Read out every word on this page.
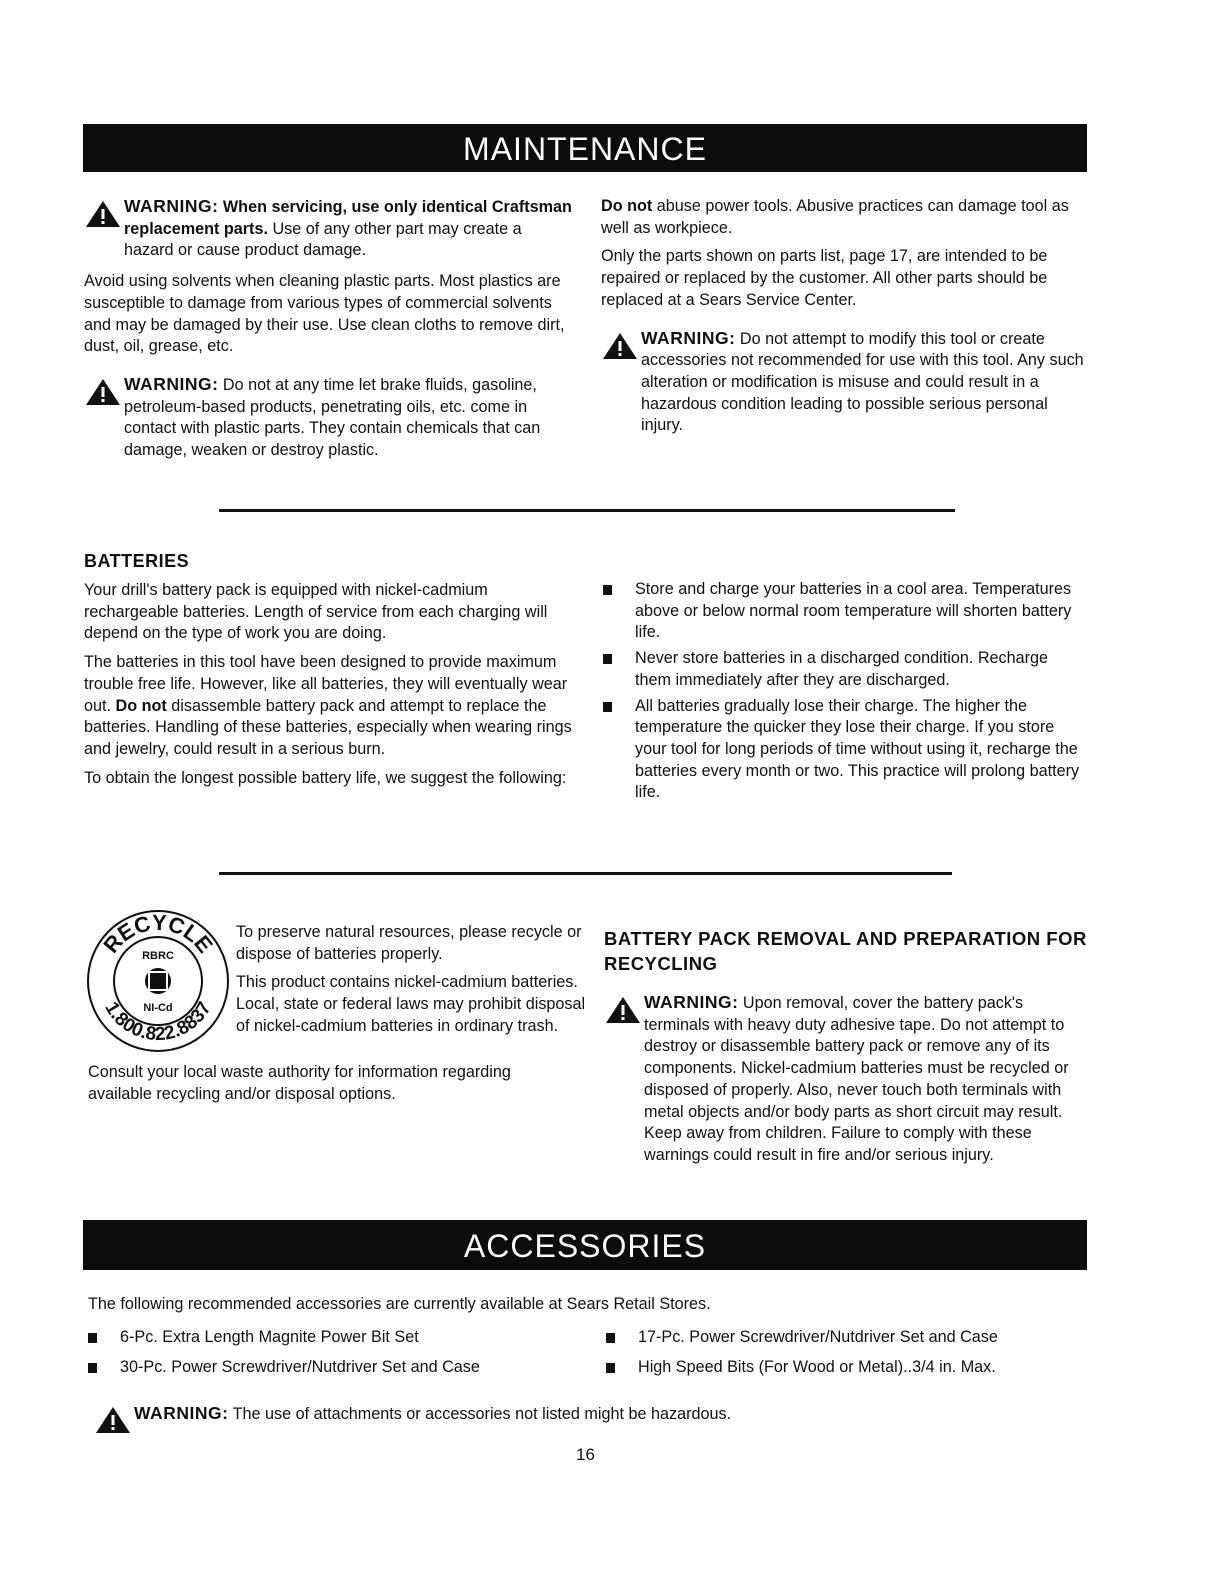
MAINTENANCE
WARNING: When servicing, use only identical Craftsman replacement parts. Use of any other part may create a hazard or cause product damage.

Avoid using solvents when cleaning plastic parts. Most plastics are susceptible to damage from various types of commercial solvents and may be damaged by their use. Use clean cloths to remove dirt, dust, oil, grease, etc.

WARNING: Do not at any time let brake fluids, gasoline, petroleum-based products, penetrating oils, etc. come in contact with plastic parts. They contain chemicals that can damage, weaken or destroy plastic.

Do not abuse power tools. Abusive practices can damage tool as well as workpiece.

Only the parts shown on parts list, page 17, are intended to be repaired or replaced by the customer. All other parts should be replaced at a Sears Service Center.

WARNING: Do not attempt to modify this tool or create accessories not recommended for use with this tool. Any such alteration or modification is misuse and could result in a hazardous condition leading to possible serious personal injury.
BATTERIES

Your drill's battery pack is equipped with nickel-cadmium rechargeable batteries. Length of service from each charging will depend on the type of work you are doing.

The batteries in this tool have been designed to provide maximum trouble free life. However, like all batteries, they will eventually wear out. Do not disassemble battery pack and attempt to replace the batteries. Handling of these batteries, especially when wearing rings and jewelry, could result in a serious burn.

To obtain the longest possible battery life, we suggest the following:

Store and charge your batteries in a cool area. Temperatures above or below normal room temperature will shorten battery life.
Never store batteries in a discharged condition. Recharge them immediately after they are discharged.
All batteries gradually lose their charge. The higher the temperature the quicker they lose their charge. If you store your tool for long periods of time without using it, recharge the batteries every month or two. This practice will prolong battery life.
RECYCLE
1.800.822.8837
RBRC
NI-Cd

To preserve natural resources, please recycle or dispose of batteries properly.

This product contains nickel-cadmium batteries. Local, state or federal laws may prohibit disposal of nickel-cadmium batteries in ordinary trash.

Consult your local waste authority for information regarding available recycling and/or disposal options.

BATTERY PACK REMOVAL AND PREPARATION FOR RECYCLING
WARNING: Upon removal, cover the battery pack's terminals with heavy duty adhesive tape. Do not attempt to destroy or disassemble battery pack or remove any of its components. Nickel-cadmium batteries must be recycled or disposed of properly. Also, never touch both terminals with metal objects and/or body parts as short circuit may result. Keep away from children. Failure to comply with these warnings could result in fire and/or serious injury.
ACCESSORIES

The following recommended accessories are currently available at Sears Retail Stores.

6-Pc. Extra Length Magnite Power Bit Set
30-Pc. Power Screwdriver/Nutdriver Set and Case
17-Pc. Power Screwdriver/Nutdriver Set and Case
High Speed Bits (For Wood or Metal)..3/4 in. Max.
WARNING: The use of attachments or accessories not listed might be hazardous.
16
